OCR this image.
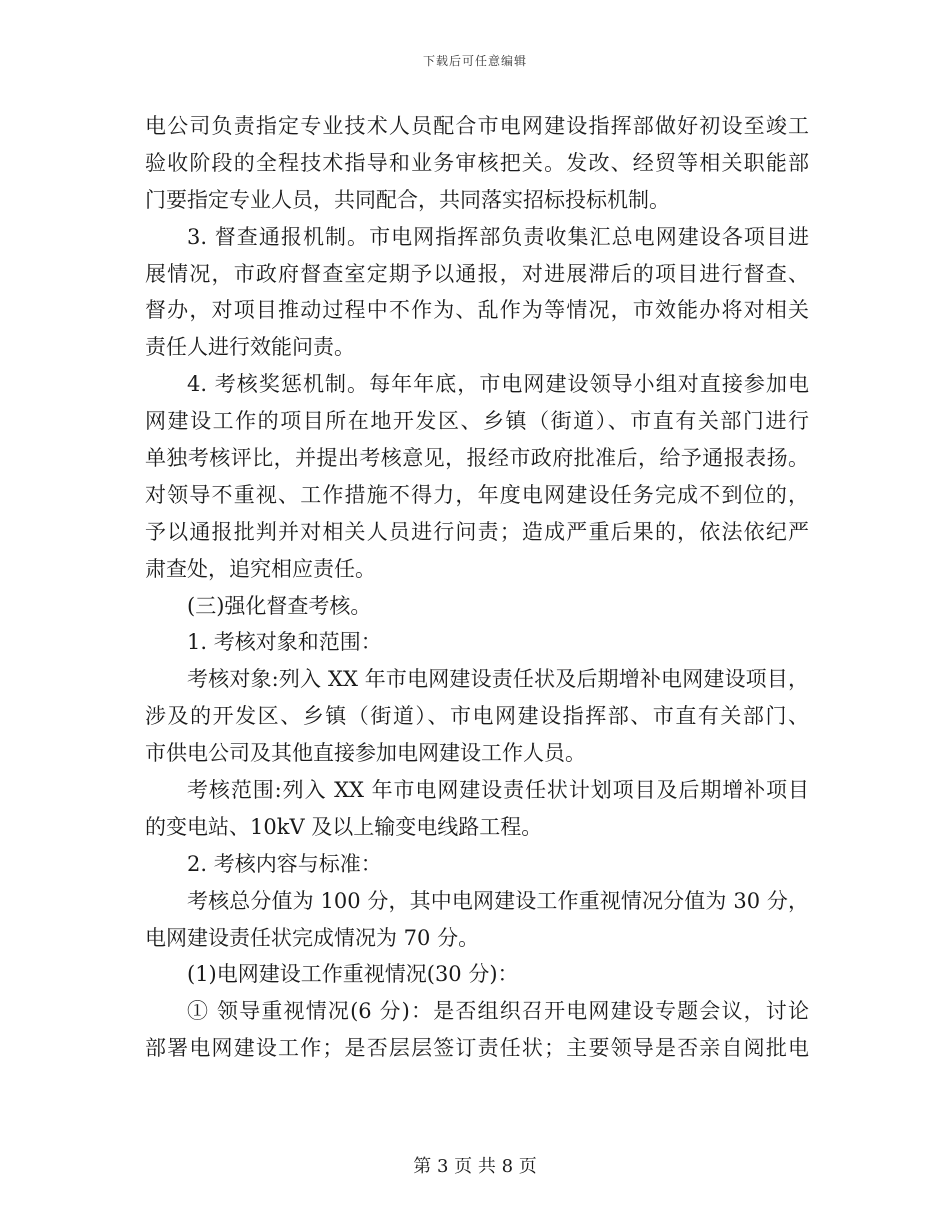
下载后可任意编辑
电公司负责指定专业技术人员配合市电网建设指挥部做好初设至竣工
验收阶段的全程技术指导和业务审核把关。发改、经贸等相关职能部
门要指定专业人员，共同配合，共同落实招标投标机制。
3. 督查通报机制。市电网指挥部负责收集汇总电网建设各项目进
展情况，市政府督查室定期予以通报，对进展滞后的项目进行督查、
督办，对项目推动过程中不作为、乱作为等情况，市效能办将对相关
责任人进行效能问责。
4. 考核奖惩机制。每年年底，市电网建设领导小组对直接参加电
网建设工作的项目所在地开发区、乡镇（街道）、市直有关部门进行
单独考核评比，并提出考核意见，报经市政府批准后，给予通报表扬。
对领导不重视、工作措施不得力，年度电网建设任务完成不到位的，
予以通报批判并对相关人员进行问责；造成严重后果的，依法依纪严
肃查处，追究相应责任。
(三)强化督查考核。
1. 考核对象和范围：
考核对象:列入 XX 年市电网建设责任状及后期增补电网建设项目，
涉及的开发区、乡镇（街道）、市电网建设指挥部、市直有关部门、
市供电公司及其他直接参加电网建设工作人员。
考核范围:列入 XX 年市电网建设责任状计划项目及后期增补项目
的变电站、10kV 及以上输变电线路工程。
2. 考核内容与标准：
考核总分值为 100 分，其中电网建设工作重视情况分值为 30 分，
电网建设责任状完成情况为 70 分。
(1)电网建设工作重视情况(30 分)：
① 领导重视情况(6 分)：是否组织召开电网建设专题会议，讨论
部署电网建设工作；是否层层签订责任状；主要领导是否亲自阅批电
第 3 页 共 8 页
